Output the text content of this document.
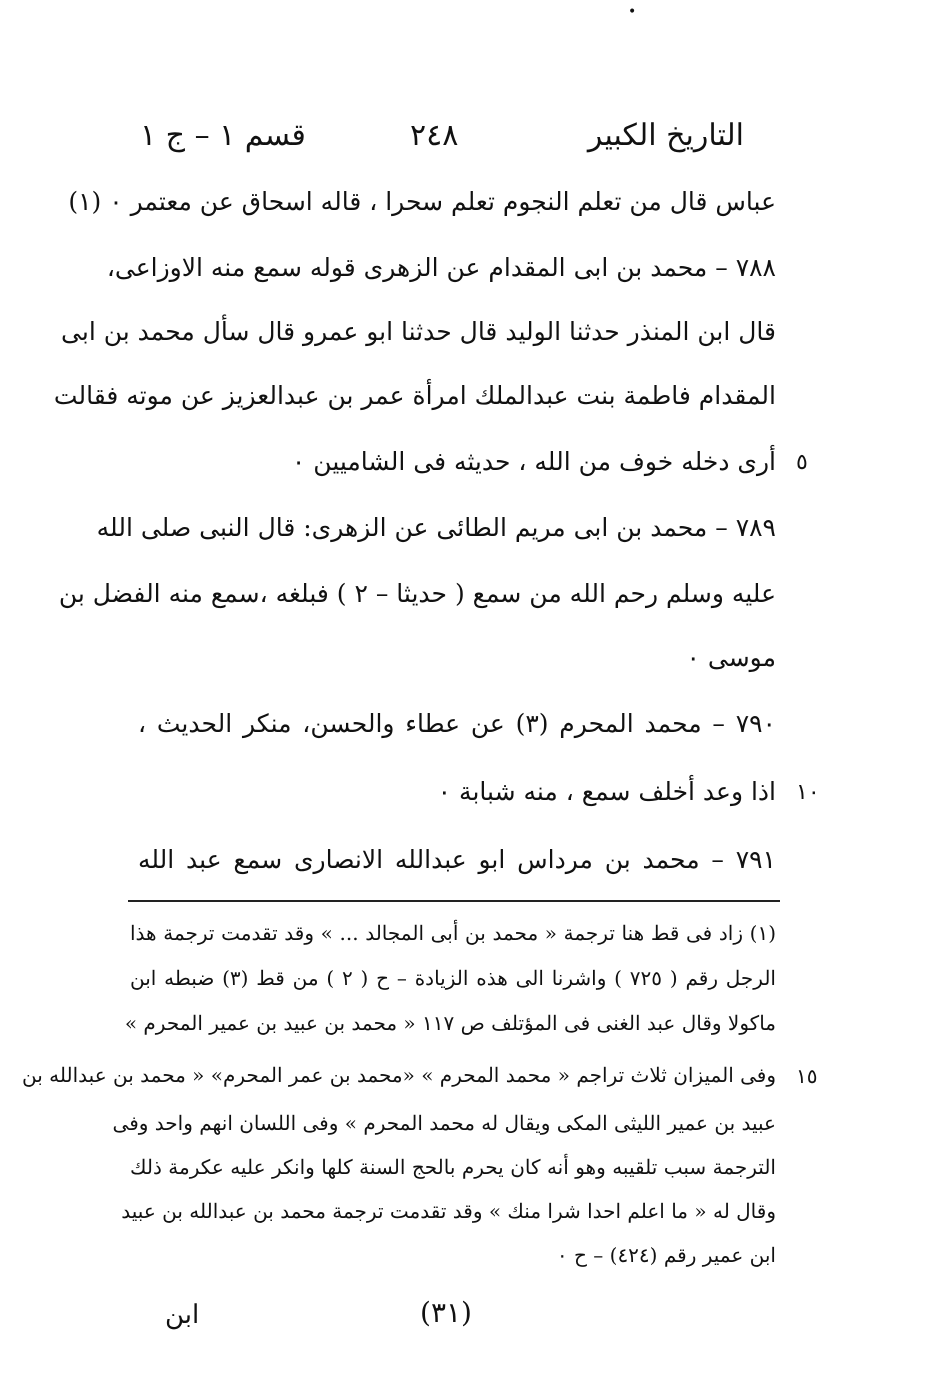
•
التاريخ الكبير
٢٤٨
قسم ١ – ج ١
عباس قال من تعلم النجوم تعلم سحرا ، قاله اسحاق عن معتمر ٠ (١)
٧٨٨ – محمد بن ابى المقدام عن الزهرى قوله سمع منه الاوزاعى،
قال ابن المنذر حدثنا الوليد قال حدثنا ابو عمرو قال سأل محمد بن ابى
المقدام فاطمة بنت عبدالملك امرأة عمر بن عبدالعزيز عن موته فقالت
أرى دخله خوف من الله ، حديثه فى الشاميين ٠ ٥
٧٨٩ – محمد بن ابى مريم الطائى عن الزهرى: قال النبى صلى الله
عليه وسلم رحم الله من سمع ( حديثا – ٢ ) فبلغه ،سمع منه الفضل بن
موسى ٠
٧٩٠ – محمد المحرم (٣) عن عطاء والحسن، منكر الحديث ،
اذا وعد أخلف سمع ، منه شبابة ٠ ١٠
٧٩١ – محمد بن مرداس ابو عبدالله الانصارى سمع عبد الله
(١) زاد فى قط هنا ترجمة « محمد بن أبى المجالد ... » وقد تقدمت ترجمة هذا
الرجل رقم ( ٧٢٥ ) واشرنا الى هذه الزيادة – ح ( ٢ ) من قط (٣) ضبطه ابن
ماكولا وقال عبد الغنى فى المؤتلف ص ١١٧ « محمد بن عبيد بن عمير المحرم »
وفى الميزان ثلاث تراجم « محمد المحرم » «محمد بن عمر المحرم» « محمد بن عبدالله بن ١٥
عبيد بن عمير الليثى المكى ويقال له محمد المحرم » وفى اللسان انهم واحد وفى
الترجمة سبب تلقيبه وهو أنه كان يحرم بالحج السنة كلها وانكر عليه عكرمة ذلك
وقال له « ما اعلم احدا شرا منك » وقد تقدمت ترجمة محمد بن عبدالله بن عبيد
ابن عمير رقم (٤٢٤) – ح ٠
(٣١)
ابن
